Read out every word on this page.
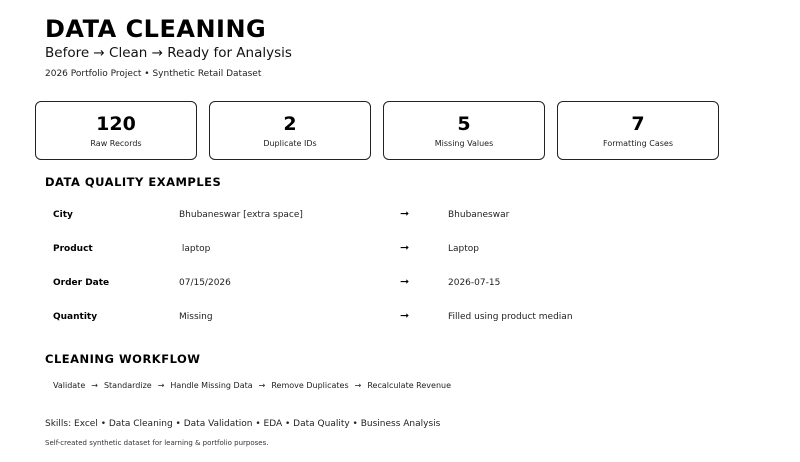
DATA CLEANING
Before → Clean → Ready for Analysis
2026 Portfolio Project • Synthetic Retail Dataset
120
Raw Records
2
Duplicate IDs
5
Missing Values
7
Formatting Cases
DATA QUALITY EXAMPLES
City	Bhubaneswar [extra space]	➞	Bhubaneswar
Product	laptop	➞	Laptop
Order Date	07/15/2026	➞	2026-07-15
Quantity	Missing	➞	Filled using product median
CLEANING WORKFLOW
Validate → Standardize → Handle Missing Data → Remove Duplicates → Recalculate Revenue
Skills: Excel • Data Cleaning • Data Validation • EDA • Data Quality • Business Analysis
Self-created synthetic dataset for learning & portfolio purposes.
